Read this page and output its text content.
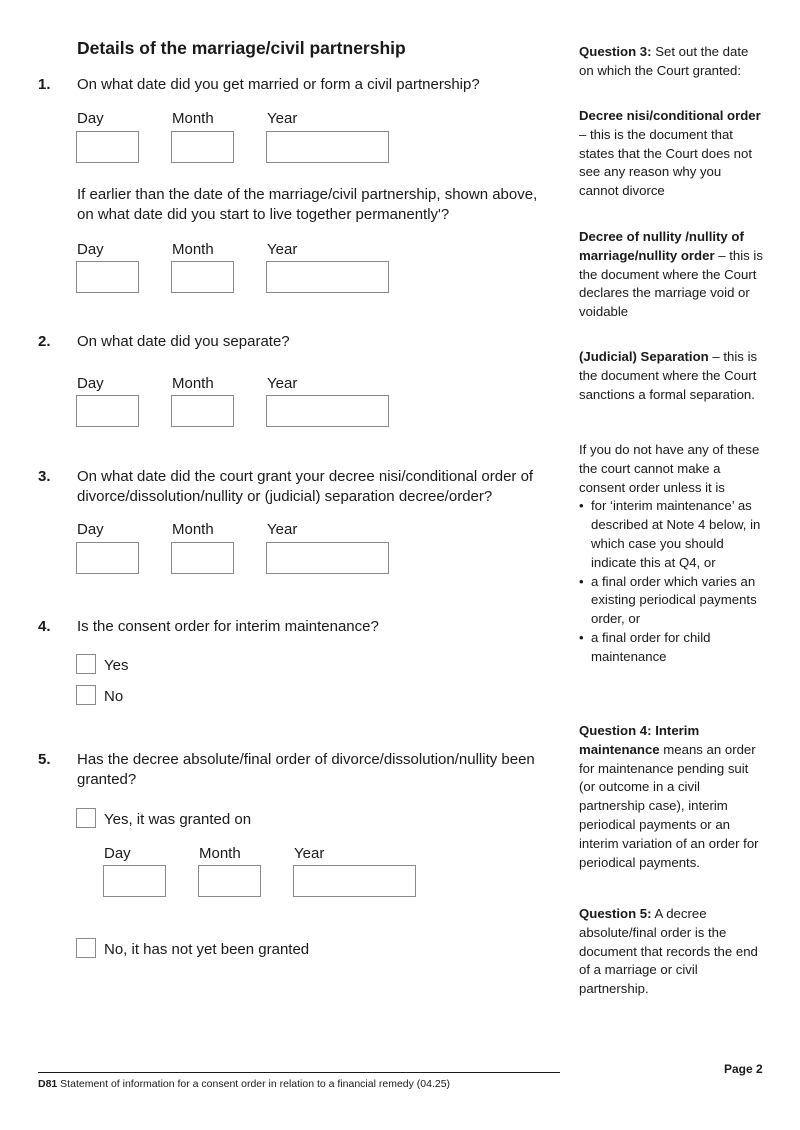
Details of the marriage/civil partnership
1. On what date did you get married or form a civil partnership?
Day	Month	Year
If earlier than the date of the marriage/civil partnership, shown above, on what date did you start to live together permanently'?
Day	Month	Year
2. On what date did you separate?
Day	Month	Year
3. On what date did the court grant your decree nisi/conditional order of divorce/dissolution/nullity or (judicial) separation decree/order?
Day	Month	Year
4. Is the consent order for interim maintenance?
Yes
No
5. Has the decree absolute/final order of divorce/dissolution/nullity been granted?
Yes, it was granted on
Day	Month	Year
No, it has not yet been granted

Question 3: Set out the date on which the Court granted:

Decree nisi/conditional order – this is the document that states that the Court does not see any reason why you cannot divorce

Decree of nullity /nullity of marriage/nullity order – this is the document where the Court declares the marriage void or voidable

(Judicial) Separation – this is the document where the Court sanctions a formal separation.

If you do not have any of these the court cannot make a consent order unless it is

• for ‘interim maintenance’ as described at Note 4 below, in which case you should indicate this at Q4, or
• a final order which varies an existing periodical payments order, or
• a final order for child maintenance

Question 4: Interim maintenance means an order for maintenance pending suit (or outcome in a civil partnership case), interim periodical payments or an interim variation of an order for periodical payments.

Question 5: A decree absolute/final order is the document that records the end of a marriage or civil partnership.

Page 2
D81 Statement of information for a consent order in relation to a financial remedy (04.25)
